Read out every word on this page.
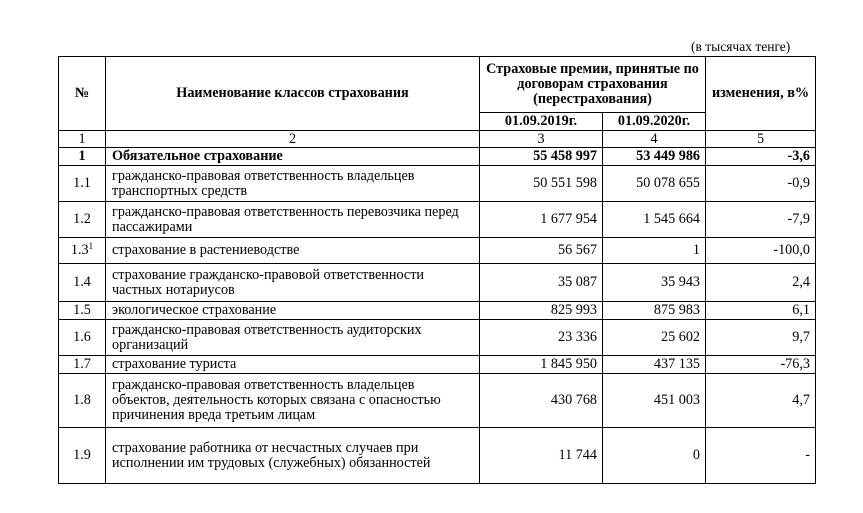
(в тысячах тенге)
№	Наименование классов страхования	Страховые премии, принятые по договорам страхования (перестрахования)		изменения, в%
		01.09.2019г.	01.09.2020г.	
1	2	3	4	5
1	Обязательное страхование	55 458 997	53 449 986	-3,6
1.1	гражданско-правовая ответственность владельцев транспортных средств	50 551 598	50 078 655	-0,9
1.2	гражданско-правовая ответственность перевозчика перед пассажирами	1 677 954	1 545 664	-7,9
$1.3^1$	страхование в растениеводстве	56 567	1	-100,0
1.4	страхование гражданско-правовой ответственности частных нотариусов	35 087	35 943	2,4
1.5	экологическое страхование	825 993	875 983	6,1
1.6	гражданско-правовая ответственность аудиторских организаций	23 336	25 602	9,7
1.7	страхование туриста	1 845 950	437 135	-76,3
1.8	гражданско-правовая ответственность владельцев объектов, деятельность которых связана с опасностью причинения вреда третьим лицам	430 768	451 003	4,7
1.9	страхование работника от несчастных случаев при исполнении им трудовых (служебных) обязанностей	11 744	0	-
